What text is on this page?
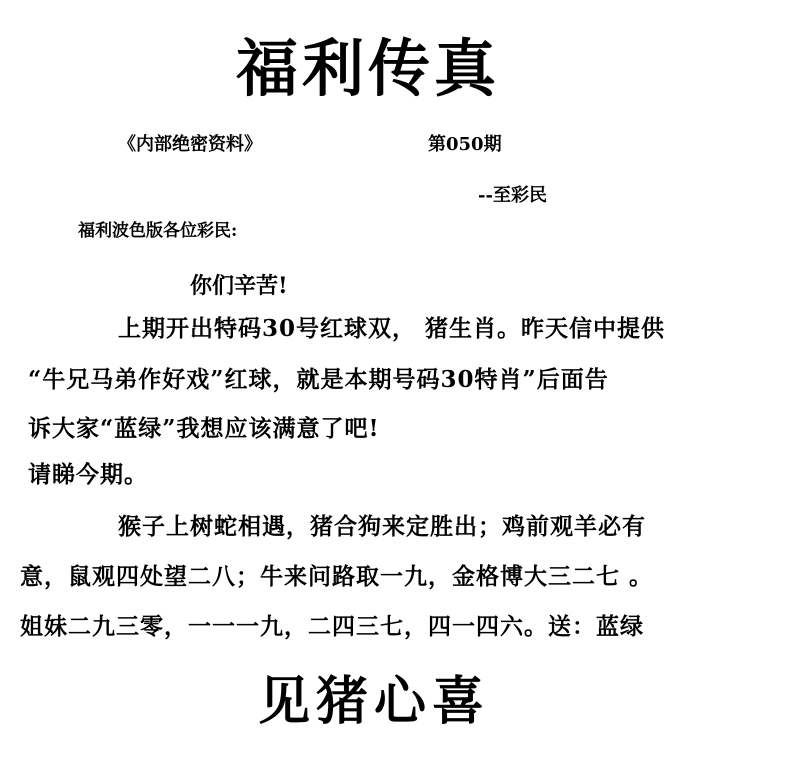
福利传真
《内部绝密资料》	第050期
--至彩民
福利波色版各位彩民:
你们辛苦!
上期开出特码30号红球双， 猪生肖。昨天信中提供
“牛兄马弟作好戏”红球，就是本期号码30特肖”后面告
诉大家“蓝绿”我想应该满意了吧!
请睇今期。
猴子上树蛇相遇，猪合狗来定胜出；鸡前观羊必有
意，鼠观四处望二八；牛来问路取一九，金格博大三二七 。
姐妹二九三零，一一一九，二四三七，四一四六。送：蓝绿
见猪心喜
